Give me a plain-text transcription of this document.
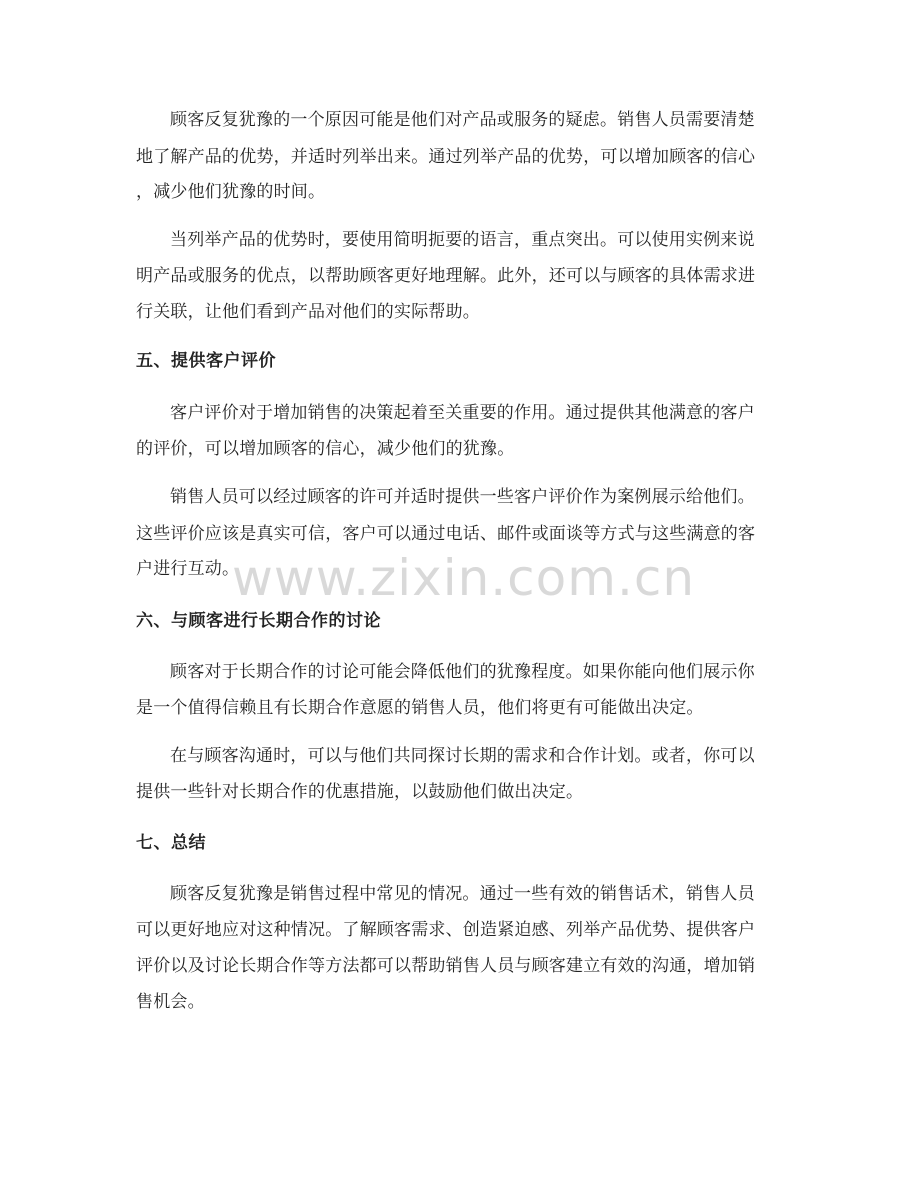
www.zixin.com.cn
顾客反复犹豫的一个原因可能是他们对产品或服务的疑虑。销售人员需要清楚
地了解产品的优势，并适时列举出来。通过列举产品的优势，可以增加顾客的信心
，减少他们犹豫的时间。
当列举产品的优势时，要使用简明扼要的语言，重点突出。可以使用实例来说
明产品或服务的优点，以帮助顾客更好地理解。此外，还可以与顾客的具体需求进
行关联，让他们看到产品对他们的实际帮助。
五、提供客户评价
客户评价对于增加销售的决策起着至关重要的作用。通过提供其他满意的客户
的评价，可以增加顾客的信心，减少他们的犹豫。
销售人员可以经过顾客的许可并适时提供一些客户评价作为案例展示给他们。
这些评价应该是真实可信，客户可以通过电话、邮件或面谈等方式与这些满意的客
户进行互动。
六、与顾客进行长期合作的讨论
顾客对于长期合作的讨论可能会降低他们的犹豫程度。如果你能向他们展示你
是一个值得信赖且有长期合作意愿的销售人员，他们将更有可能做出决定。
在与顾客沟通时，可以与他们共同探讨长期的需求和合作计划。或者，你可以
提供一些针对长期合作的优惠措施，以鼓励他们做出决定。
七、总结
顾客反复犹豫是销售过程中常见的情况。通过一些有效的销售话术，销售人员
可以更好地应对这种情况。了解顾客需求、创造紧迫感、列举产品优势、提供客户
评价以及讨论长期合作等方法都可以帮助销售人员与顾客建立有效的沟通，增加销
售机会。
